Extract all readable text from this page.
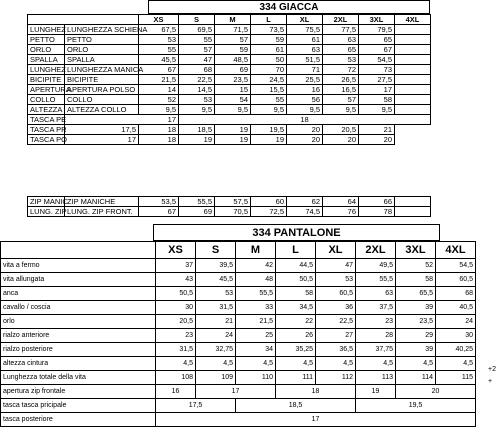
334 GIACCA
		XS	S	M	L	XL	2XL	3XL	4XL
LUNGHEZ	LUNGHEZZA SCHIENA	67,5	69,5	71,5	73,5	75,5	77,5	79,5	
PETTO	PETTO	53	55	57	59	61	63	65	
ORLO	ORLO	55	57	59	61	63	65	67	
SPALLA	SPALLA	45,5	47	48,5	50	51,5	53	54,5	
LUNGHEZ	LUNGHEZZA MANICA	67	68	69	70	71	72	73	
BICIPITE	BICIPITE	21,5	22,5	23,5	24,5	25,5	26,5	27,5	
APERTURA	APERTURA POLSO	14	14,5	15	15,5	16	16,5	17	
COLLO	COLLO	52	53	54	55	56	57	58	
ALTEZZA	ALTEZZA COLLO	9,5	9,5	9,5	9,5	9,5	9,5	9,5	
TASCA PE	17		18						
TASCA PR	17,5	18	18,5	19	19,5	20	20,5	21	
TASCA PO	17	18	19	19	19	20	20	20	
ZIP MANIC	ZIP MANICHE	53,5	55,5	57,5	60	62	64	66	
LUNG. ZIP	LUNG. ZIP FRONT.	67	69	70,5	72,5	74,5	76	78	
334 PANTALONE
	XS	S	M	L	XL	2XL	3XL	4XL
vita a fermo	37	39,5	42	44,5	47	49,5	52	54,5
vita allungata	43	45,5	48	50,5	53	55,5	58	60,5
anca	50,5	53	55,5	58	60,5	63	65,5	68
cavallo / coscia	30	31,5	33	34,5	36	37,5	39	40,5
orlo	20,5	21	21,5	22	22,5	23	23,5	24
rialzo anteriore	23	24	25	26	27	28	29	30
rialzo posteriore	31,5	32,75	34	35,25	36,5	37,75	39	40,25
altezza cintura	4,5	4,5	4,5	4,5	4,5	4,5	4,5	4,5
Lunghezza totale della vita	108	109	110	111	112	113	114	115
apertura zip frontale	16	17		18		19	20	
tasca tasca pricipale	17,5		18,5			19,5		
tasca posteriore	17							
+2
+
